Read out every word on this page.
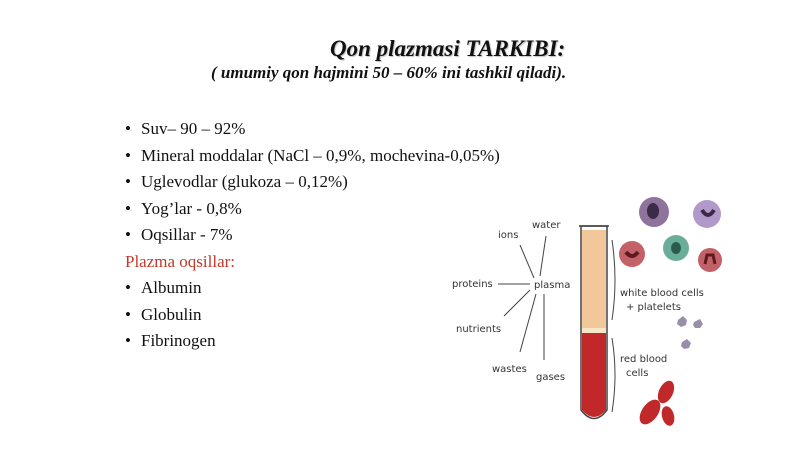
Qon plazmasi TARKIBI:
( umumiy qon hajmini 50 – 60% ini tashkil qiladi).
• Suv– 90 – 92%
• Mineral moddalar (NaCl – 0,9%, mochevina-0,05%)
• Uglevodlar (glukoza – 0,12%)
• Yog’lar - 0,8%
• Oqsillar - 7%
Plazma oqsillar:
• Albumin
• Globulin
• Fibrinogen
plasma
ions
water
proteins
nutrients
wastes
gases
white blood cells
+ platelets
red blood
cells
